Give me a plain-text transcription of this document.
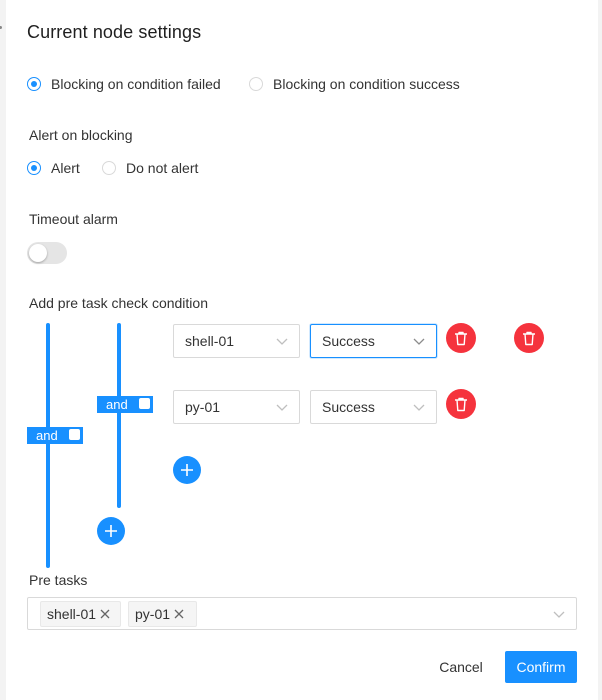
Current node settings
Blocking on condition failed	Blocking on condition success
Alert on blocking
Alert	Do not alert
Timeout alarm
Add pre task check condition
and
and
shell-01	Success
py-01	Success
Pre tasks
shell-01	py-01
Cancel	Confirm
